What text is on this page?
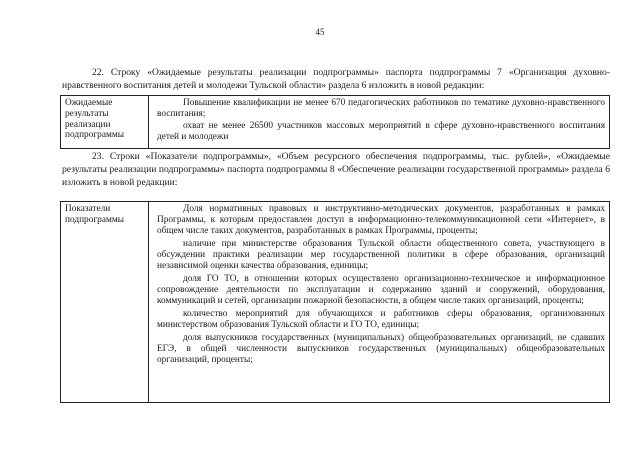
45

22. Строку «Ожидаемые результаты реализации подпрограммы» паспорта подпрограммы 7 «Организация духовно-нравственного воспитания детей и молодежи Тульской области» раздела 6 изложить в новой редакции:

Ожидаемые результаты реализации подпрограммы

Повышение квалификации не менее 670 педагогических работников по тематике духовно-нравственного воспитания;

охват не менее 26500 участников массовых мероприятий в сфере духовно-нравственного воспитания детей и молодежи

23. Строки «Показатели подпрограммы», «Объем ресурсного обеспечения подпрограммы, тыс. рублей», «Ожидаемые результаты реализации подпрограммы» паспорта подпрограммы 8 «Обеспечение реализации государственной программы» раздела 6 изложить в новой редакции:

Показатели подпрограммы

Доля нормативных правовых и инструктивно-методических документов, разработанных в рамках Программы, к которым предоставлен доступ в информационно-телекоммуникационной сети «Интернет», в общем числе таких документов, разработанных в рамках Программы, проценты;

наличие при министерстве образования Тульской области общественного совета, участвующего в обсуждении практики реализации мер государственной политики в сфере образования, организаций независимой оценки качества образования, единицы;

доля ГО ТО, в отношении которых осуществлено организационно-техническое и информационное сопровождение деятельности по эксплуатации и содержанию зданий и сооружений, оборудования, коммуникаций и сетей, организации пожарной безопасности, в общем числе таких организаций, проценты;

количество мероприятий для обучающихся и работников сферы образования, организованных министерством образования Тульской области и ГО ТО, единицы;

доля выпускников государственных (муниципальных) общеобразовательных организаций, не сдавших ЕГЭ, в общей численности выпускников государственных (муниципальных) общеобразовательных организаций, проценты;
